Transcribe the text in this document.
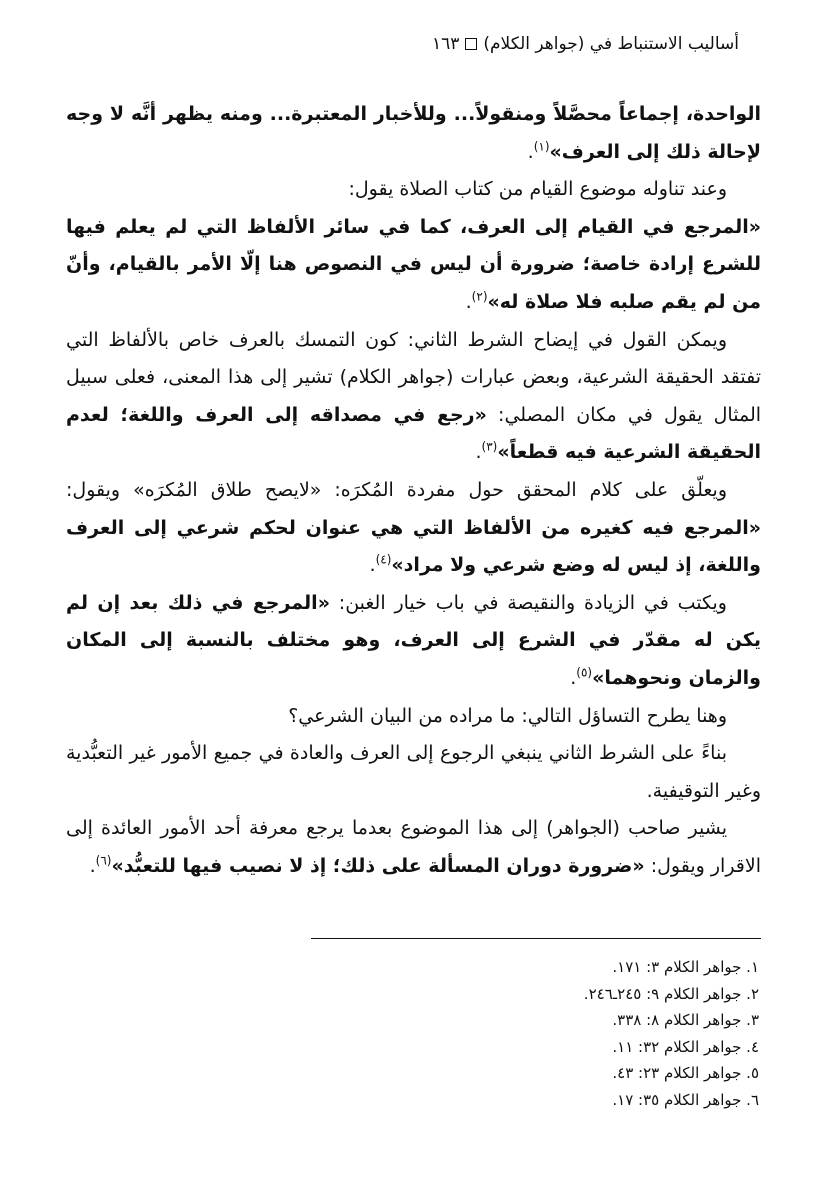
أساليب الاستنباط في (جواهر الكلام)١٦٣

الواحدة، إجماعاً محصَّلاً ومنقولاً... وللأخبار المعتبرة... ومنه يظهر أنَّه لا وجه لإحالة ذلك إلى العرف»$^{(١)}$.

وعند تناوله موضوع القيام من كتاب الصلاة يقول:

«المرجع في القيام إلى العرف، كما في سائر الألفاظ التي لم يعلم فيها للشرع إرادة خاصة؛ ضرورة أن ليس في النصوص هنا إلّا الأمر بالقيام، وأنّ من لم يقم صلبه فلا صلاة له»$^{(٢)}$.

ويمكن القول في إيضاح الشرط الثاني: كون التمسك بالعرف خاص بالألفاظ التي تفتقد الحقيقة الشرعية، وبعض عبارات (جواهر الكلام) تشير إلى هذا المعنى، فعلى سبيل المثال يقول في مكان المصلي: «رجع في مصداقه إلى العرف واللغة؛ لعدم الحقيقة الشرعية فيه قطعاً»$^{(٣)}$.

ويعلّق على كلام المحقق حول مفردة المُكرَه: «لايصح طلاق المُكرَه» ويقول: «المرجع فيه كغيره من الألفاظ التي هي عنوان لحكم شرعي إلى العرف واللغة، إذ ليس له وضع شرعي ولا مراد»$^{(٤)}$.

ويكتب في الزيادة والنقيصة في باب خيار الغبن: «المرجع في ذلك بعد إن لم يكن له مقدّر في الشرع إلى العرف، وهو مختلف بالنسبة إلى المكان والزمان ونحوهما»$^{(٥)}$.

وهنا يطرح التساؤل التالي: ما مراده من البيان الشرعي؟

بناءً على الشرط الثاني ينبغي الرجوع إلى العرف والعادة في جميع الأمور غير التعبُّدية وغير التوقيفية.

يشير صاحب (الجواهر) إلى هذا الموضوع بعدما يرجع معرفة أحد الأمور العائدة إلى الاقرار ويقول: «ضرورة دوران المسألة على ذلك؛ إذ لا نصيب فيها للتعبُّد»$^{(٦)}$.

١. جواهر الكلام ٣: ١٧١.
٢. جواهر الكلام ٩: ٢٤٥ـ٢٤٦.
٣. جواهر الكلام ٨: ٣٣٨.
٤. جواهر الكلام ٣٢: ١١.
٥. جواهر الكلام ٢٣: ٤٣.
٦. جواهر الكلام ٣٥: ١٧.
